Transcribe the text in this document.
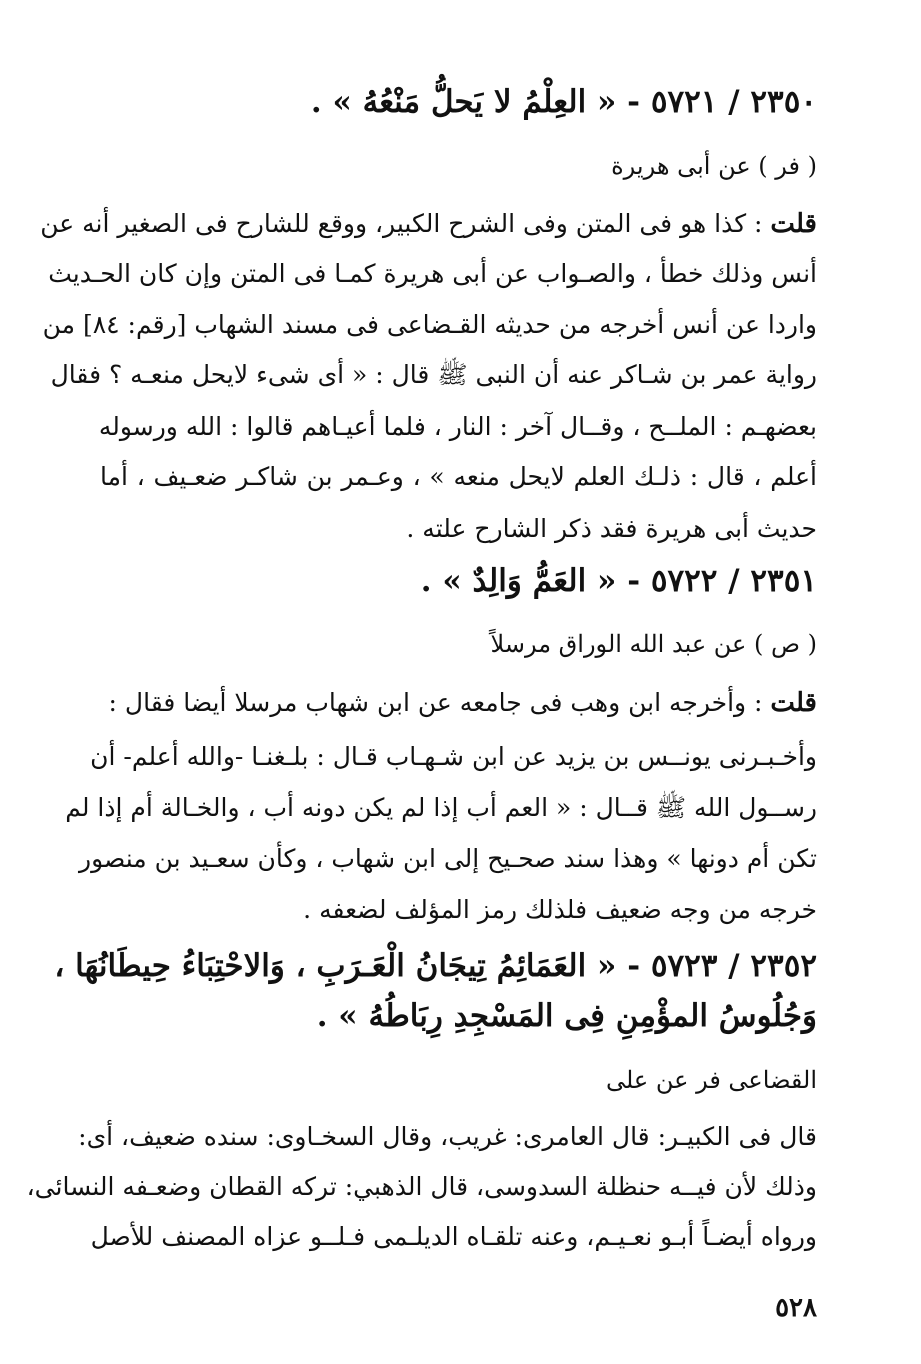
٢٣٥٠ / ٥٧٢١ - « العِلْمُ لا يَحلُّ مَنْعُهُ » .
( فر ) عن أبى هريرة
قلت : كذا هو فى المتن وفى الشرح الكبير، ووقع للشارح فى الصغير أنه عن
أنس وذلك خطأ ، والصـواب عن أبى هريرة كمـا فى المتن وإن كان الحـديث
واردا عن أنس أخرجه من حديثه القـضاعى فى مسند الشهاب [رقم: ٨٤] من
رواية عمر بن شـاكر عنه أن النبى ﷺ قال : « أى شىء لايحل منعـه ؟ فقال
بعضهـم : الملــح ، وقــال آخر : النار ، فلما أعيـاهم قالوا : الله ورسوله
أعلم ، قال : ذلـك العلم لايحل منعه » ، وعـمر بن شاكـر ضعـيف ، أما
حديث أبى هريرة فقد ذكر الشارح علته .
٢٣٥١ / ٥٧٢٢ - « العَمُّ وَالِدٌ » .
( ص ) عن عبد الله الوراق مرسلاً
قلت : وأخرجه ابن وهب فى جامعه عن ابن شهاب مرسلا أيضا فقال :
وأخـبـرنى يونــس بن يزيد عن ابن شـهـاب قـال : بلـغنـا -والله أعلم- أن
رســول الله ﷺ قــال : « العم أب إذا لم يكن دونه أب ، والخـالة أم إذا لم
تكن أم دونها » وهذا سند صحـيح إلى ابن شهاب ، وكأن سعـيد بن منصور
خرجه من وجه ضعيف فلذلك رمز المؤلف لضعفه .
٢٣٥٢ / ٥٧٢٣ - « العَمَائِمُ تِيجَانُ الْعَـرَبِ ، وَالاحْتِبَاءُ حِيطَانُهَا ،
وَجُلُوسُ المؤْمِنِ فِى المَسْجِدِ رِبَاطُهُ » .
القضاعى فر عن على
قال فى الكبيـر: قال العامرى: غريب، وقال السخـاوى: سنده ضعيف، أى:
وذلك لأن فيــه حنظلة السدوسى، قال الذهبي: تركه القطان وضعـفه النسائى،
ورواه أيضـاً أبـو نعـيـم، وعنه تلقـاه الديلـمى فـلــو عزاه المصنف للأصل
٥٢٨
